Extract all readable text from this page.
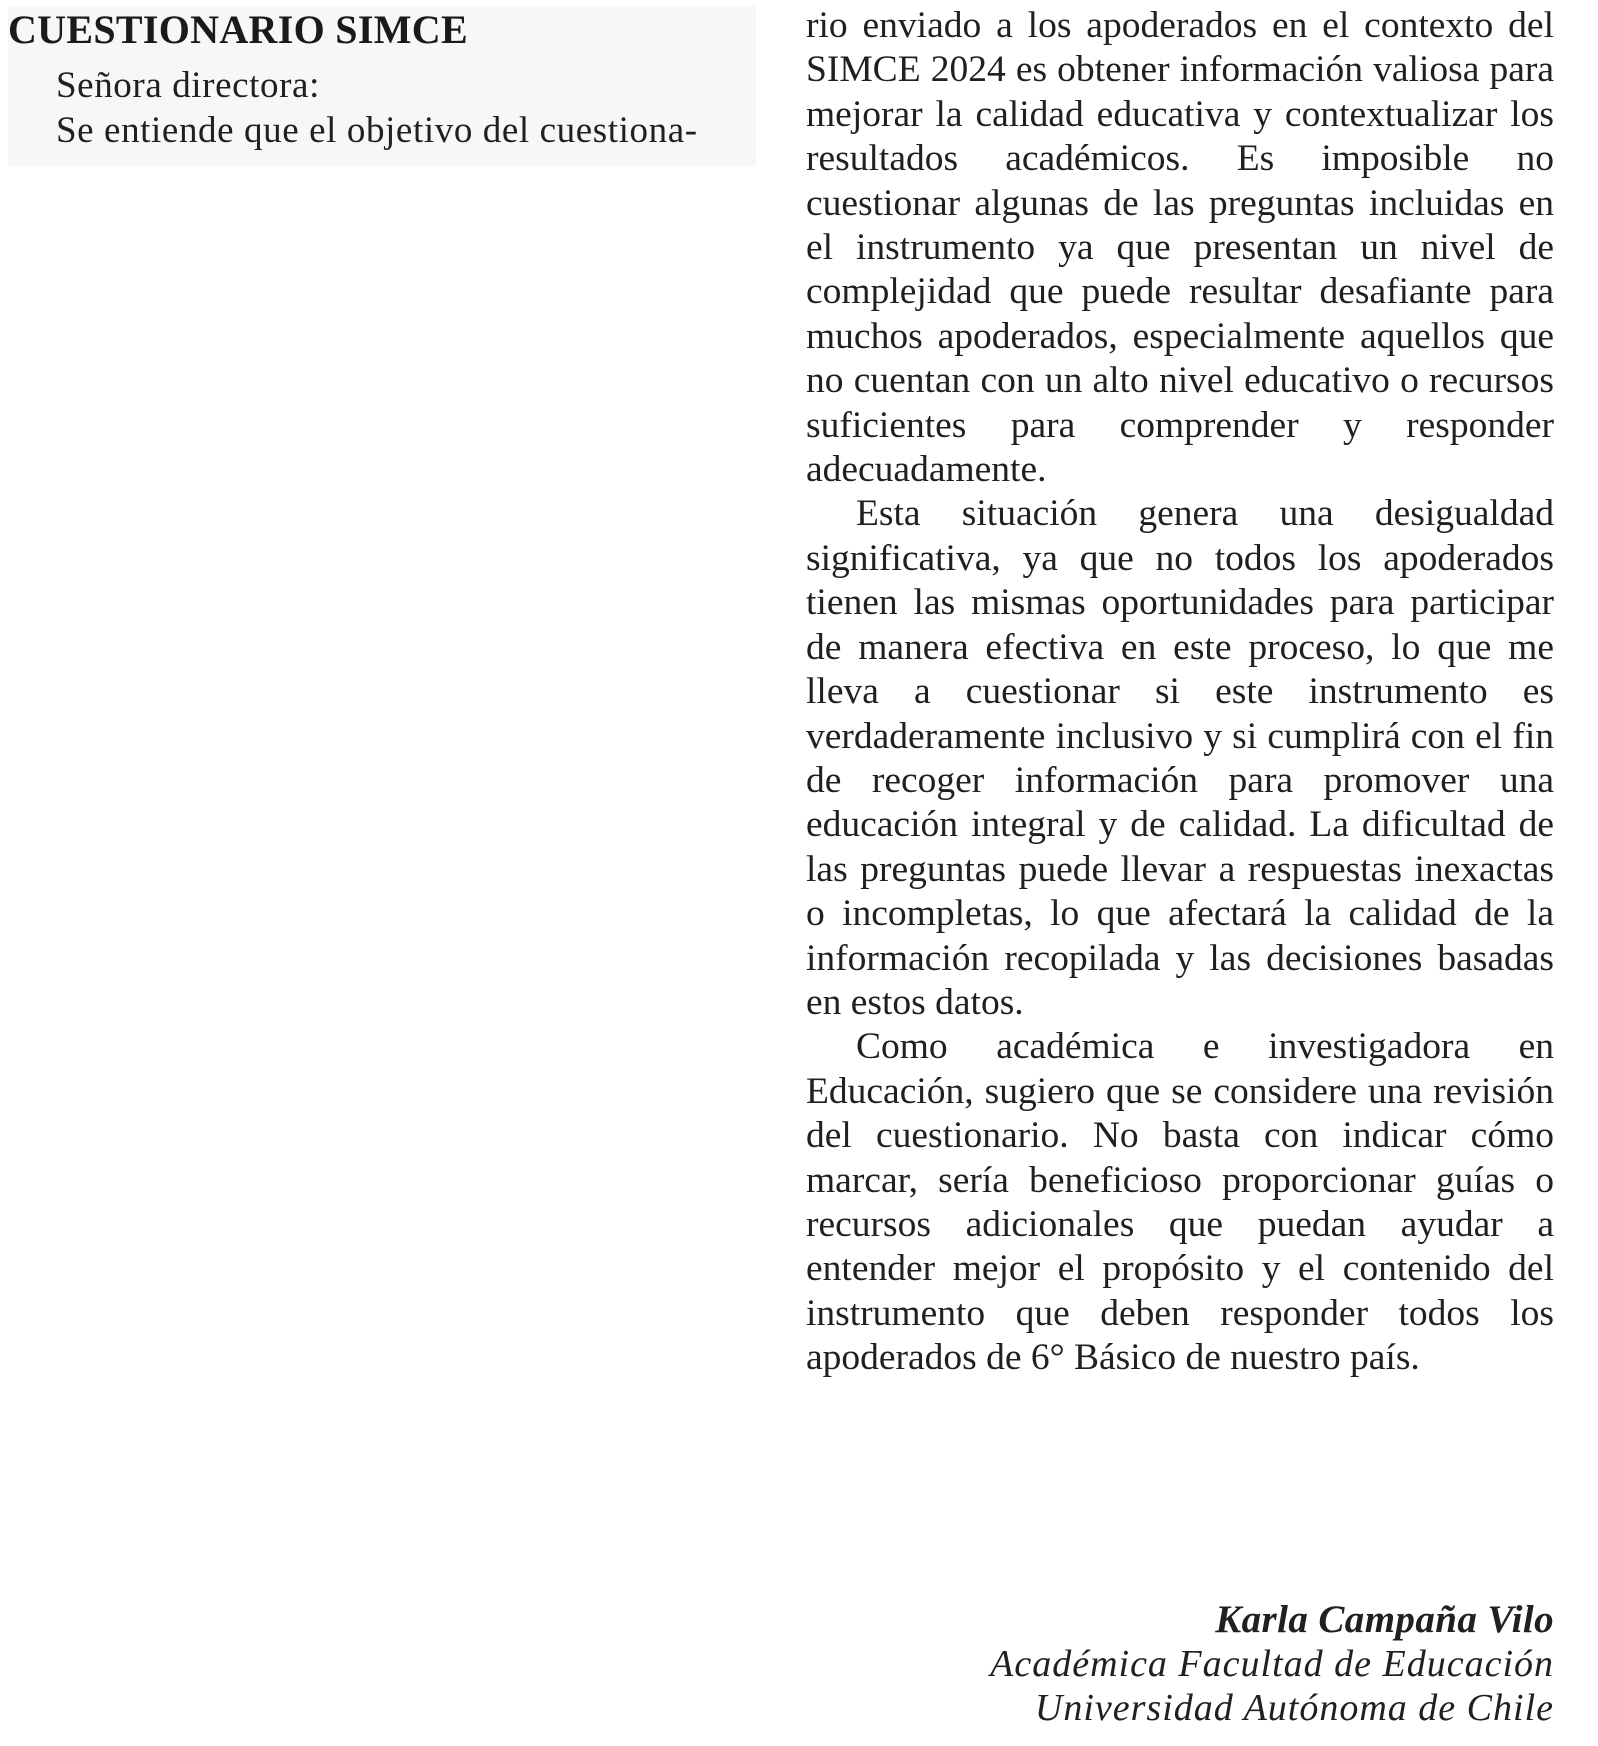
CUESTIONARIO SIMCE

Señora directora:

Se entiende que el objetivo del cuestiona-

rio enviado a los apoderados en el contexto del SIMCE 2024 es obtener información valiosa para mejorar la calidad educativa y contextualizar los resultados académicos. Es imposible no cuestionar algunas de las preguntas incluidas en el instrumento ya que presentan un nivel de complejidad que puede resultar desafiante para muchos apoderados, especialmente aquellos que no cuentan con un alto nivel educativo o recursos suficientes para comprender y responder adecuadamente.

Esta situación genera una desigualdad significativa, ya que no todos los apoderados tienen las mismas oportunidades para participar de manera efectiva en este proceso, lo que me lleva a cuestionar si este instrumento es verdaderamente inclusivo y si cumplirá con el fin de recoger información para promover una educación integral y de calidad. La dificultad de las preguntas puede llevar a respuestas inexactas o incompletas, lo que afectará la calidad de la información recopilada y las decisiones basadas en estos datos.

Como académica e investigadora en Educación, sugiero que se considere una revisión del cuestionario. No basta con indicar cómo marcar, sería beneficioso proporcionar guías o recursos adicionales que puedan ayudar a entender mejor el propósito y el contenido del instrumento que deben responder todos los apoderados de 6° Básico de nuestro país.

Karla Campaña Vilo
Académica Facultad de Educación
Universidad Autónoma de Chile
